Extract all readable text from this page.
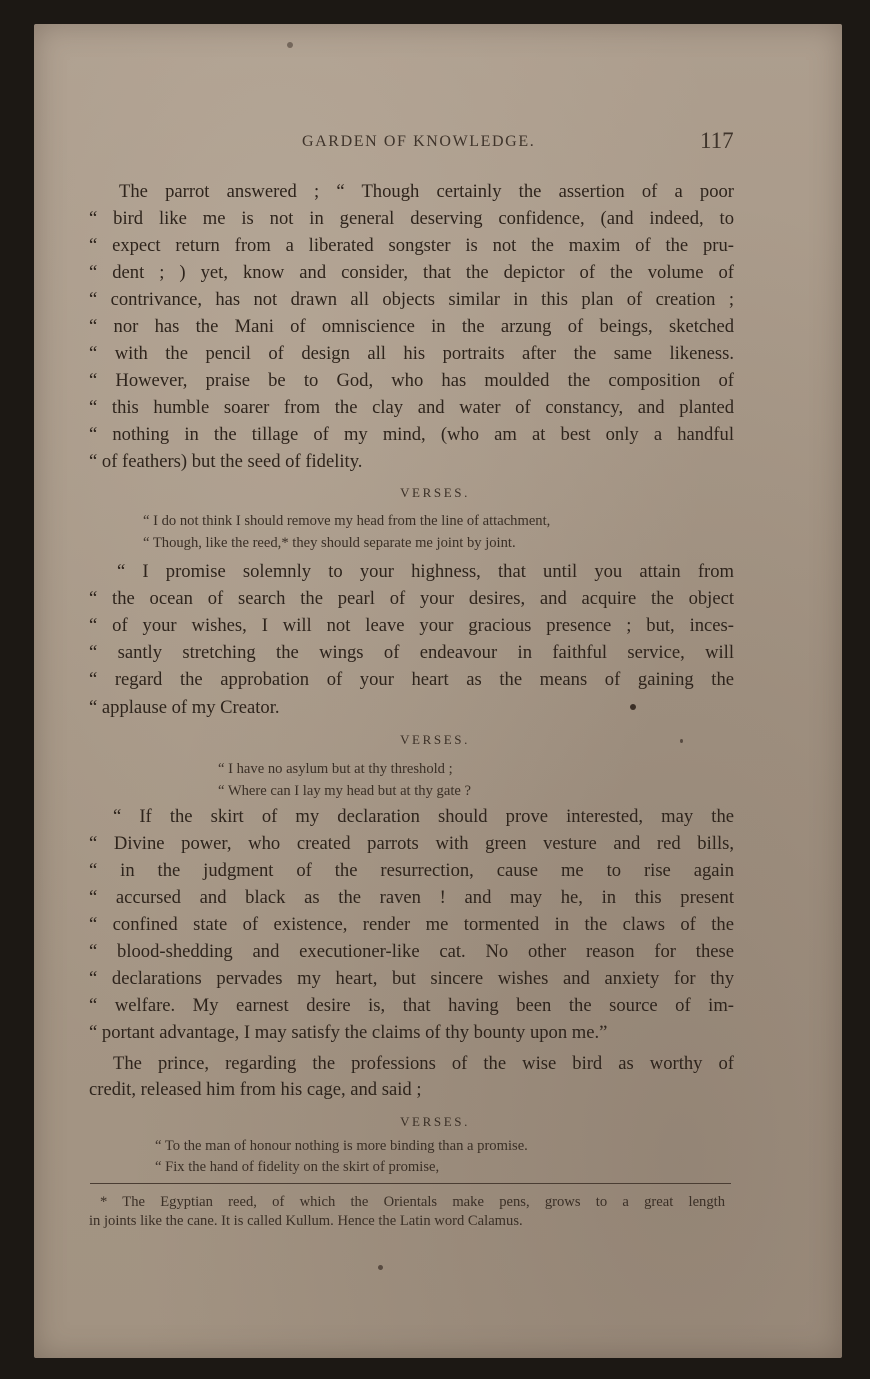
GARDEN OF KNOWLEDGE.	117
The parrot answered ; “ Though certainly the assertion of a poor
“ bird like me is not in general deserving confidence, (and indeed, to
“ expect return from a liberated songster is not the maxim of the pru-
“ dent ; ) yet, know and consider, that the depictor of the volume of
“ contrivance, has not drawn all objects similar in this plan of creation ;
“ nor has the Mani of omniscience in the arzung of beings, sketched
“ with the pencil of design all his portraits after the same likeness.
“ However, praise be to God, who has moulded the composition of
“ this humble soarer from the clay and water of constancy, and planted
“ nothing in the tillage of my mind, (who am at best only a handful
“ of feathers) but the seed of fidelity.
VERSES.
“ I do not think I should remove my head from the line of attachment,
“ Though, like the reed,* they should separate me joint by joint.
“ I promise solemnly to your highness, that until you attain from
“ the ocean of search the pearl of your desires, and acquire the object
“ of your wishes, I will not leave your gracious presence ; but, inces-
“ santly stretching the wings of endeavour in faithful service, will
“ regard the approbation of your heart as the means of gaining the
“ applause of my Creator.
VERSES.
“ I have no asylum but at thy threshold ;
“ Where can I lay my head but at thy gate ?
“ If the skirt of my declaration should prove interested, may the
“ Divine power, who created parrots with green vesture and red bills,
“ in the judgment of the resurrection, cause me to rise again
“ accursed and black as the raven ! and may he, in this present
“ confined state of existence, render me tormented in the claws of the
“ blood-shedding and executioner-like cat. No other reason for these
“ declarations pervades my heart, but sincere wishes and anxiety for thy
“ welfare. My earnest desire is, that having been the source of im-
“ portant advantage, I may satisfy the claims of thy bounty upon me.”
The prince, regarding the professions of the wise bird as worthy of
credit, released him from his cage, and said ;
VERSES.
“ To the man of honour nothing is more binding than a promise.
“ Fix the hand of fidelity on the skirt of promise,
* The Egyptian reed, of which the Orientals make pens, grows to a great length
in joints like the cane. It is called Kullum. Hence the Latin word Calamus.
